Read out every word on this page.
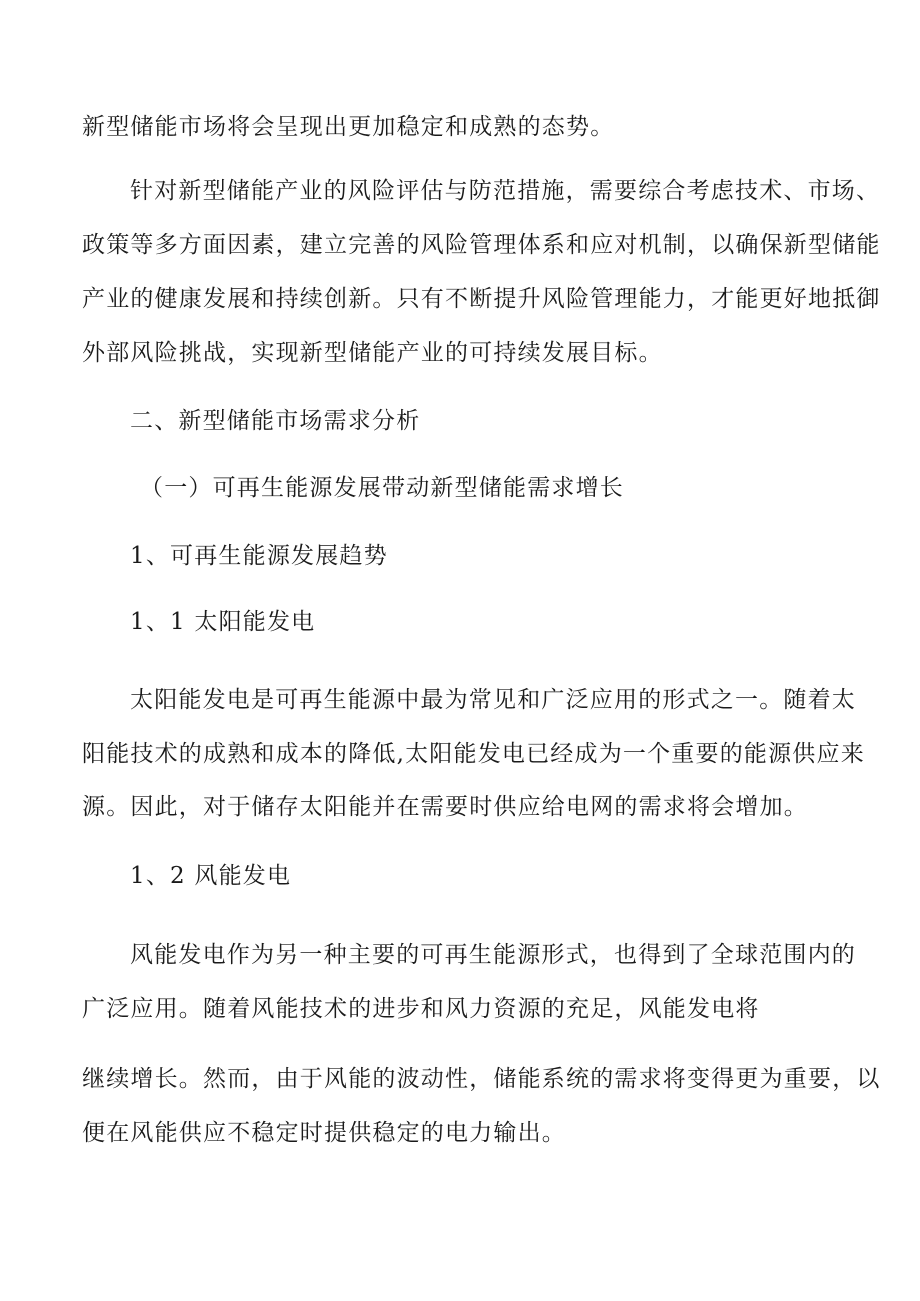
新型储能市场将会呈现出更加稳定和成熟的态势。
针对新型储能产业的风险评估与防范措施，需要综合考虑技术、市场、
政策等多方面因素，建立完善的风险管理体系和应对机制，以确保新型储能
产业的健康发展和持续创新。只有不断提升风险管理能力，才能更好地抵御
外部风险挑战，实现新型储能产业的可持续发展目标。
二、新型储能市场需求分析
（一）可再生能源发展带动新型储能需求增长
1、可再生能源发展趋势
1、1 太阳能发电
太阳能发电是可再生能源中最为常见和广泛应用的形式之一。随着太
阳能技术的成熟和成本的降低,太阳能发电已经成为一个重要的能源供应来
源。因此，对于储存太阳能并在需要时供应给电网的需求将会增加。
1、2 风能发电
风能发电作为另一种主要的可再生能源形式，也得到了全球范围内的
广泛应用。随着风能技术的进步和风力资源的充足，风能发电将
继续增长。然而，由于风能的波动性，储能系统的需求将变得更为重要，以
便在风能供应不稳定时提供稳定的电力输出。
